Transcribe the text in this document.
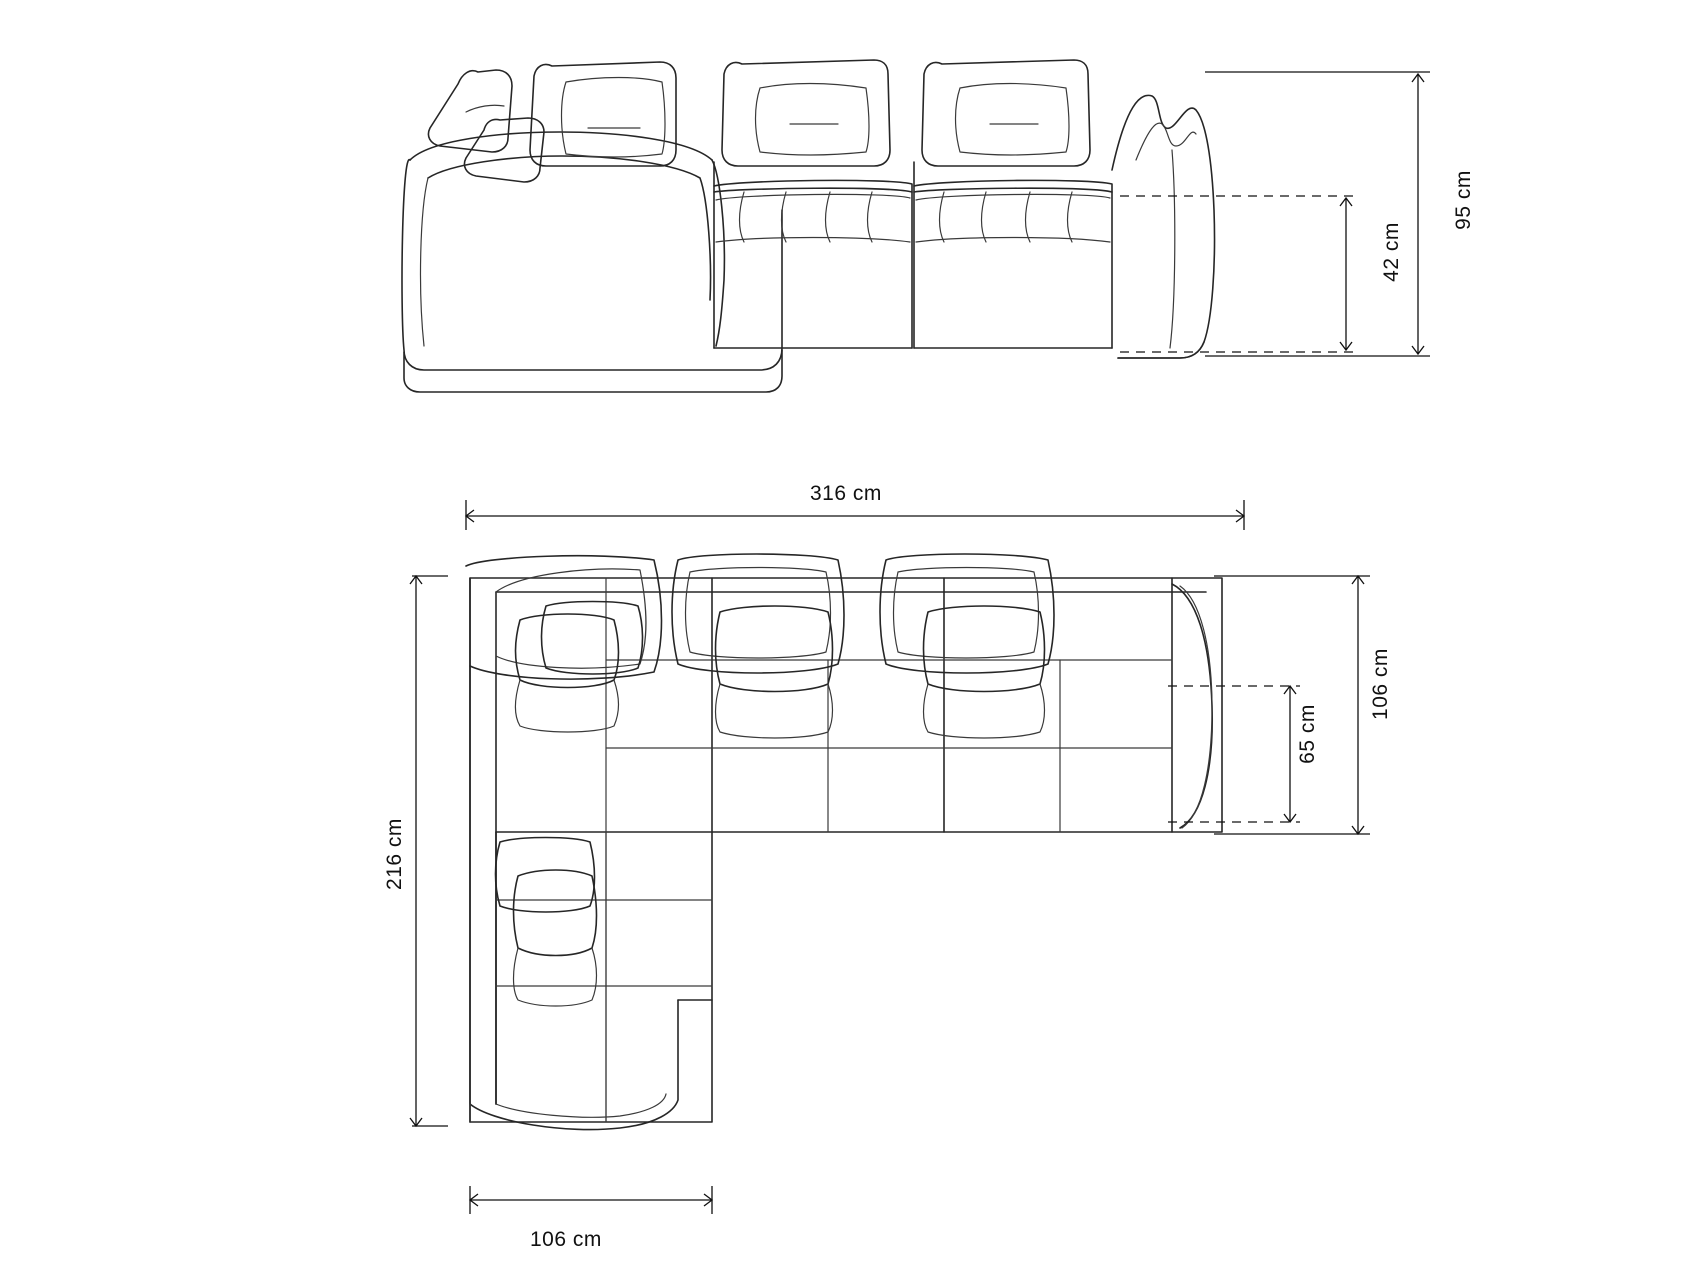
95 cm
42 cm
316 cm
216 cm
106 cm
65 cm
106 cm
